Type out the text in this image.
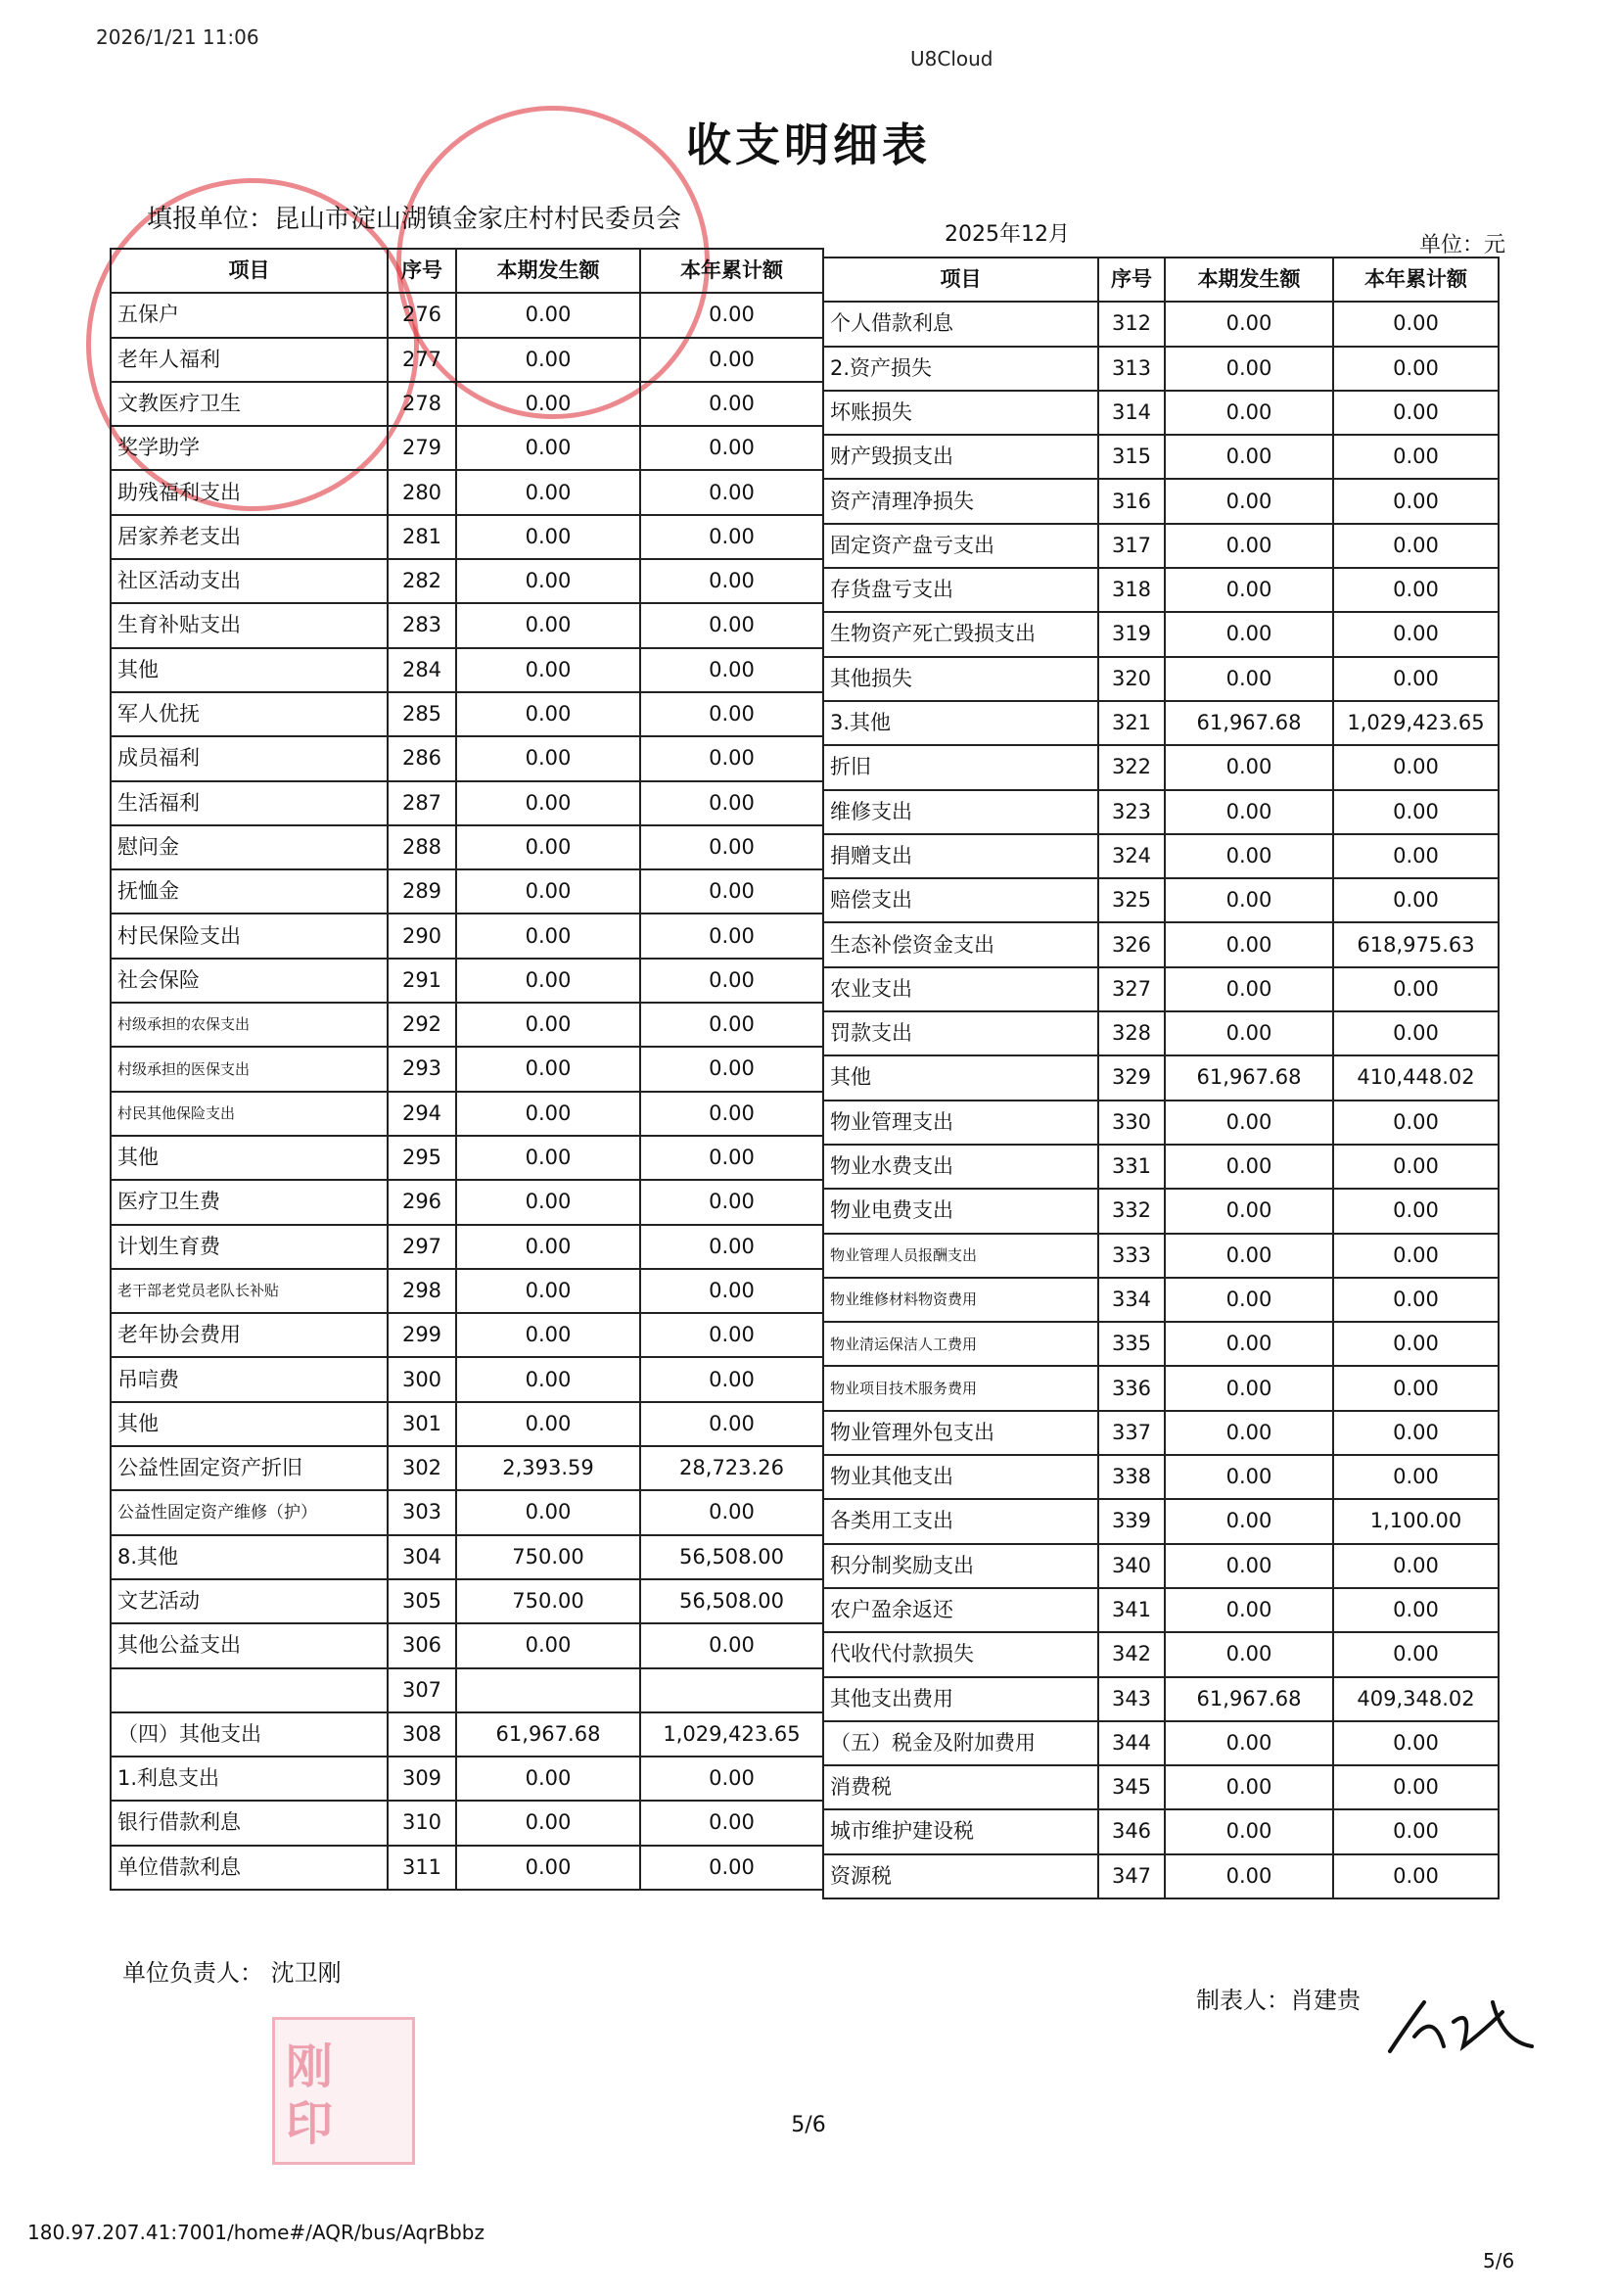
2026/1/21 11:06
U8Cloud
收支明细表
填报单位：昆山市淀山湖镇金家庄村村民委员会
2025年12月	单位：元
项目	序号	本期发生额	本年累计额
五保户	276	0.00	0.00
老年人福利	277	0.00	0.00
文教医疗卫生	278	0.00	0.00
奖学助学	279	0.00	0.00
助残福利支出	280	0.00	0.00
居家养老支出	281	0.00	0.00
社区活动支出	282	0.00	0.00
生育补贴支出	283	0.00	0.00
其他	284	0.00	0.00
军人优抚	285	0.00	0.00
成员福利	286	0.00	0.00
生活福利	287	0.00	0.00
慰问金	288	0.00	0.00
抚恤金	289	0.00	0.00
村民保险支出	290	0.00	0.00
社会保险	291	0.00	0.00
村级承担的农保支出	292	0.00	0.00
村级承担的医保支出	293	0.00	0.00
村民其他保险支出	294	0.00	0.00
其他	295	0.00	0.00
医疗卫生费	296	0.00	0.00
计划生育费	297	0.00	0.00
老干部老党员老队长补贴	298	0.00	0.00
老年协会费用	299	0.00	0.00
吊唁费	300	0.00	0.00
其他	301	0.00	0.00
公益性固定资产折旧	302	2,393.59	28,723.26
公益性固定资产维修（护）	303	0.00	0.00
8.其他	304	750.00	56,508.00
文艺活动	305	750.00	56,508.00
其他公益支出	306	0.00	0.00
	307		
（四）其他支出	308	61,967.68	1,029,423.65
1.利息支出	309	0.00	0.00
银行借款利息	310	0.00	0.00
单位借款利息	311	0.00	0.00
项目	序号	本期发生额	本年累计额
个人借款利息	312	0.00	0.00
2.资产损失	313	0.00	0.00
坏账损失	314	0.00	0.00
财产毁损支出	315	0.00	0.00
资产清理净损失	316	0.00	0.00
固定资产盘亏支出	317	0.00	0.00
存货盘亏支出	318	0.00	0.00
生物资产死亡毁损支出	319	0.00	0.00
其他损失	320	0.00	0.00
3.其他	321	61,967.68	1,029,423.65
折旧	322	0.00	0.00
维修支出	323	0.00	0.00
捐赠支出	324	0.00	0.00
赔偿支出	325	0.00	0.00
生态补偿资金支出	326	0.00	618,975.63
农业支出	327	0.00	0.00
罚款支出	328	0.00	0.00
其他	329	61,967.68	410,448.02
物业管理支出	330	0.00	0.00
物业水费支出	331	0.00	0.00
物业电费支出	332	0.00	0.00
物业管理人员报酬支出	333	0.00	0.00
物业维修材料物资费用	334	0.00	0.00
物业清运保洁人工费用	335	0.00	0.00
物业项目技术服务费用	336	0.00	0.00
物业管理外包支出	337	0.00	0.00
物业其他支出	338	0.00	0.00
各类用工支出	339	0.00	1,100.00
积分制奖励支出	340	0.00	0.00
农户盈余返还	341	0.00	0.00
代收代付款损失	342	0.00	0.00
其他支出费用	343	61,967.68	409,348.02
（五）税金及附加费用	344	0.00	0.00
消费税	345	0.00	0.00
城市维护建设税	346	0.00	0.00
资源税	347	0.00	0.00
单位负责人： 沈卫刚
制表人：肖建贵
刚
印	5/6
180.97.207.41:7001/home#/AQR/bus/AqrBbbz
5/6
